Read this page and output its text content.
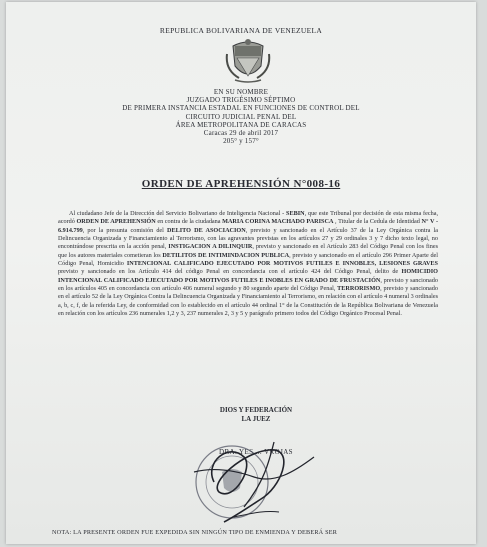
REPUBLICA BOLIVARIANA DE VENEZUELA
EN SU NOMBRE
JUZGADO TRIGÉSIMO SÉPTIMO
DE PRIMERA INSTANCIA ESTADAL EN FUNCIONES DE CONTROL DEL
CIRCUITO JUDICIAL PENAL DEL
ÁREA METROPOLITANA DE CARACAS
Caracas 29 de abril 2017
205° y 157°
ORDEN DE APREHENSIÓN N°008-16

Al ciudadano Jefe de la Dirección del Servicio Bolivariano de Inteligencia Nacional - SEBIN, que este Tribunal por decisión de esta misma fecha, acordó ORDEN DE APREHENSIÓN en contra de la ciudadana MARIA CORINA MACHADO PARISCA , Titular de la Cedula de Identidad N° V - 6.914.799, por la presunta comisión del DELITO DE ASOCIACION, previsto y sancionado en el Artículo 37 de la Ley Orgánica contra la Delincuencia Organizada y Financiamiento al Terrorismo, con las agravantes previstas en los artículos 27 y 29 ordinales 3 y 7 dicho texto legal, no encontrándose prescrita en la acción penal, INSTIGACION A DILINQUIR, previsto y sancionado en el Artículo 283 del Código Penal con los fines que los autores materiales cometieran los DETILITOS DE INTIMINDACION PUBLICA, previsto y sancionado en el artículo 296 Primer Aparte del Código Penal, Homicidio INTENCIONAL CALIFICADO EJECUTADO POR MOTIVOS FUTILES E INNOBLES, LESIONES GRAVES previsto y sancionado en los Artículo 414 del código Penal en concordancia con el artículo 424 del Código Penal, delito de HOMICIDIO INTENCIONAL CALIFICADO EJECUTADO POR MOTIVOS FUTILES E INOBLES EN GRADO DE FRUSTACIÓN, previsto y sancionado en los artículos 405 en concordancia con artículo 406 numeral segundo y 80 segundo aparte del Código Penal, TERRORISMO, previsto y sancionado en el artículo 52 de la Ley Orgánica Contra la Delincuencia Organizada y Financiamiento al Terrorismo, en relación con el artículo 4 numeral 3 ordinales a, b, c, f, de la referida Ley, de conformidad con lo establecido en el artículo 44 ordinal 1° de la Constitución de la República Bolivariana de Venezuela en relación con los artículos 236 numerales 1,2 y 3, 237 numerales 2, 3 y 5 y parágrafo primero todos del Código Orgánico Procesal Penal.

DIOS Y FEDERACIÓN
LA JUEZ
DRA. YES ... VROJAS
NOTA: LA PRESENTE ORDEN FUE EXPEDIDA SIN NINGÚN TIPO DE ENMIENDA Y DEBERÁ SER
